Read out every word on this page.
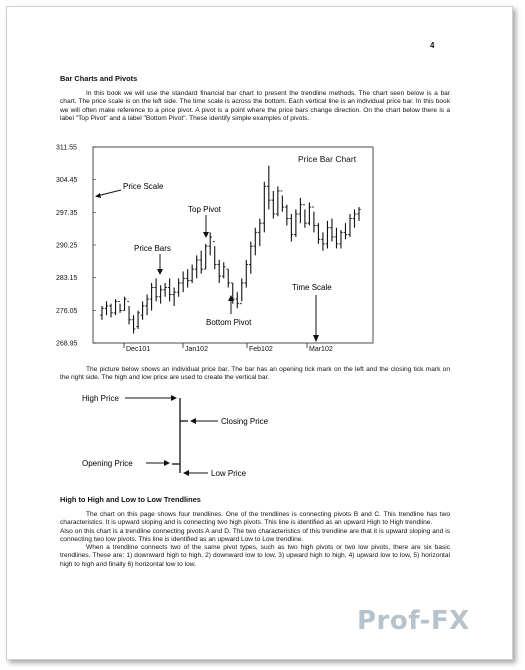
4
Bar Charts and Pivots

In this book we will use the standard financial bar chart to present the trendline methods. The chart seen below is a bar chart. The price scale is on the left side. The time scale is across the bottom. Each vertical line is an individual price bar. In this book we will often make reference to a price pivot. A pivot is a point where the price bars change direction. On the chart below there is a label "Top Pivot" and a label "Bottom Pivot". These identify simple examples of pivots.

Price Bar Chart
311.55
304.45
297.35
290.25
283.15
276.05
268.95
Dec101	Jan102	Feb102	Mar102
Price Scale
Top Pivot
Price Bars
Bottom Pivot
Time Scale

The picture below shows an individual price bar. The bar has an opening tick mark on the left and the closing tick mark on the right side. The high and low price are used to create the vertical bar.

High Price
Closing Price
Opening Price
Low Price
High to High and Low to Low Trendlines

The chart on this page shows four trendlines. One of the trendlines is connecting pivots B and C. This trendline has two characteristics. It is upward sloping and is connecting two high pivots. This line is identified as an upward High to High trendline.

Also on this chart is a trendline connecting pivots A and D. The two characteristics of this trendline are that it is upward sloping and is connecting two low pivots. This line is identified as an upward Low to Low trendline.

When a trendline connects two of the same pivot types, such as two high pivots or two low pivots, there are six basic trendlines. These are: 1) downward high to high, 2) downward low to low, 3) upward high to high, 4) upward low to low, 5) horizontal high to high and finally 6) horizontal low to low.

Prof-FX
